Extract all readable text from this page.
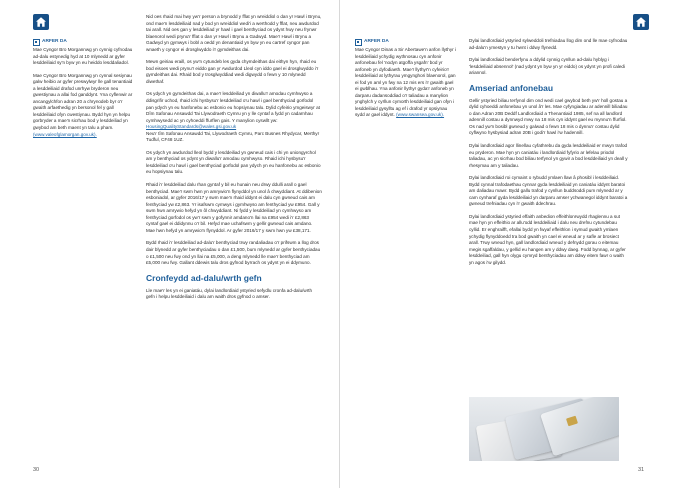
ARFER DA

Mae Cyngor Bro Morgannwg yn cynnig cyfnodau ad-dalu estynedig hyd at 10 mlynedd ar gyfer lesddeiliaid sy'n byw yn eu heiddo lesddaliadol.

Mae Cyngor Bro Morgannwg yn cynnal sesiynau galw heibio ar gyfer preswylwyr lle gall tenantiaid a lesddeiliaid drafod unrhyw bryderon neu gwestiynau a allai fod ganddynt. Yna cyflenwir ar ancangylchfon adran 20 a chrynodeb byr o'r gwaith arfaethedig yn bersonol fel y gall lesddeiliaid ofyn cwestiynau. Bydd hyn yn helpu gorbryder a mae'n sicrhau bod y lesddeiliad yn gwybod am beth maent yn talu a pham. (www.valeofglamorgan.gov.uk).

Nid oes rhaid mai hwy yw'r person a brynodd y fflat yn wreiddiol o dan yr Hawl i Brynu, ond mae'n lesddeiliaid nad y bod yn wreiddiol wedi'i a werthodd y fflat, neu awdurdod tai arall. Nid oes gan y lesddeiliad yr hawl i gael benthyciad os ydynt hwy neu frynwr blaenorol wedi prynu'r fflat o dan yr Hawl i Brynu a Gadwyd. Mae'r Hawl i Brynu a Gadwyd yn gymwys i bobl a oedd yn denantiaid yn byw yn eu cartref cyngor pan wnaeth y cyngor ei drosglwyddo i'r gymdeithas dai.

Mewn geiriau eraill, os yw'n cytundeb les gyda chymdeithas dai eithyn hyn, rhaid eu bod eisoes wedi prynu'r eiddo gan yr Awdurdod Lleol cyn iddo gael ei drosglwyddo i'r gymdeithas dai. Rhaid bod y trosglwyddiad wedi digwydd o fewn y 10 mlynedd diwethaf.

Os ydych yn gymdeithas dai, a mae'r lesddeiliad yn diwallu'r amodau cymhwyso a ddisgrifir uchod, rhaid ichi hysbysu'r lesddeiliad o'u hawl i gael benthyciad gorfodol pan ydych yn eu hanfonebu ac esbonio eu hopsiynau talu. Dylid cyfeirio ymgeiswyr at Dîm Safonau Ansawdd Tai Llywodraeth Cymru yn y lle cyntaf a fydd yn cadarnhau cymhwysedd ac yn cyhoeddi ffurflen gais. Y manylion cyswllt yw:

HousingQualityStandards@wales.gsi.gov.uk

Neu'r tîm Safonau Ansawdd Tai, Llywodraeth Cymru, Parc Busnes Rhydycar, Merthyr Tudful, CF48 1UZ.

Os ydych yn awdurdod lleol bydd y lesddeiliad yn gwneud cais i chi yn uniongyrchol am y benthyciad os ydynt yn diwallu'r amodau cymhwyso. Rhaid ichi hysbysu'r lesddeiliad o'u hawl i gael benthyciad gorfodol pan ydych yn eu hanfonebu ac esbonio eu hopsiynau talu.

Rhaid i'r lesddeiliad dalu rhan gyntaf y bil eu hunain neu drwy ddulli arall o gael benthyciad. Mae'r swm hwn yn amrywio'n flynyddol yn unol â chwyddiant. At ddibenion esboniadol, ar gyfer 2016/17 y swm mae'n rhaid iddynt ei dalu cyn gwneud cais am fenthyciad yw £2,863. Yr isafswm cymwys i gymhwyso am fenthyciad yw £954. Gall y swm hwn amrywio hefyd yn ôl chwyddiant. Ni fydd y lesddeiliad yn cymhwyso am fenthyciad gorfodol os yw'r swm y gofynnir amdano'n llai na £954 wedi i'r £2,863 cyntaf gael ei ddidynnu o'r bil. Hefyd mae uchafswm y gellir gwneud cais amdano. Mae hwn hefyd yn amrywio'n flynyddol. Ar gyfer 2016/17 y swm hwn yw £38,171.

Bydd rhaid i'r lesddeiliad ad-dalu'r benthyciad trwy randaliadau o'r prifswm a llog dros dair blynedd ar gyfer benthyciadau o dan £1,500, bum mlynedd ar gyfer benthyciadau o £1,500 neu fwy ond yn llai na £5,000, a deng mlynedd lle mae'r benthyciad am £5,000 neu fwy. Gallant ddewis talu dros gyfnod byrrach os ydynt yn ei ddymuno.

Cronfeydd ad-dalu/wrth gefn

Lle mae'r les yn ei ganiatáu, dylai landlordiaid ystyried sefydlu cronfa ad-dalu/wrth gefn i helpu lesddeiliaid i dalu am waith dros gyfnod o amser.

30
ARFER DA

Mae Cyngor Dinas a Sir Abertawe'n anfon llythyr i lesddeiliaid ychydig wythnosau cyn anfonir anfonebau fel 'nodyn atgoffa ysgafn' bod yr anfoneb yn dyfodiaeth. Mae'r llythyr'n cyfeirio'r lesddeiliaid at lythyrau ymgynghori blaenorol, gan ei fod yn aml yn fwy na 12 mis ers i'r gwaith gael ei gwblhau. Yna anfonir llythyr gyda'r anfoneb yn darparu dadansoddiad o'r taliadau a manylion ynghylch y cyrllun cymorth lesddeiliaid gan ofyn i lesddeiliaid gysylltu ag ef i drafod yr opsiynau sydd ar gael iddynt. (www.swansea.gov.uk).

Dylai landlordiaid ystyried sylweddoli trefniadau llog dim ond lle mae cyfnodau ad-dalu'n ymestyn y tu hwnt i ddwy flynedd.

Dylai landlordiaid benderfynu a ddylid cynnig cynllun ad-dalu hyblyg i 'lesddeiliaid absennol' (nad ydynt yn byw yn yr eiddo) os ydynt yn profi caledi ariannol.

Amseriad anfonebau

Gellir ystyried biliau terfynol dim ond wedi cael gwybod beth yw'r holl gostau a dylid cyhoeddi anfonebau yn unol â'r les. Mae cyfyngiadau ar adennill biliadau o dan Adran 20B Deddf Landlordiaid a Thenantiaid 1985, sef na all landlord adennill costau a dynnwyd mwy na 18 mis cyn iddynt gael eu mynnu'n ffurfiol. Os nad yw'n bosibl gwneud y galwad o fewn 18 mis o dynnu'r costau dylid cyflwyno hysbysiad adran 20B i godi'r hawl i'w hadennill.

Dylai landlordiaid agor llinellau cyfathrebu da gyda lesddeiliaid er mwyn trafod eu pryderon. Mae hyn yn caniatáu i landlordiaid fyfyrio ar lefelau priodol taliadau, ac yn sicrhau bod biliau terfynol yn gywir a bod lesddeiliaid yn deall y rhesymau am y taliadau.

Dylai landlordiaid roi cymaint o rybudd ymlaen llaw â phosibl i lesddeiliaid. Bydd cynnal trafodaethau cynnar gyda lesddeiliaid yn caniatáu iddynt baratoi am daliadau mawr. Bydd gallu trafod y cynllun buddsoddi pum mlynedd ar y cam cynharaf gyda lesddeiliaid yn darparu amser ychwanegol iddynt baratoi a gwneud trefniadau cyn i'r gwaith ddechrau.

Dylai landlordiaid ystyried effaith anbedion effeithlonrwydd rhaglennu a sut mae hyn yn effeithio ar allu'odd lesddeiliaid i dalu neu drefnu cytundebau cyllid. Er enghraifft, efallai bydd yn fwyaf effeithlon i symud gwaith ymlaen ychydig flynyddoedd tra bod gwaith yn cael ei wneud ar y safle ar brosiect arall. Trwy wneud hyn, gall landlordiaid wneud y defnydd gorau o eitemau megis sgaffaldau, y gellid eu hangen am y ddwy daeg. Fodd bynnag, ar gyfer lesddeiliad, gall hyn olygu cymryd benthyciadau am ddwy eitem fawr o waith yn agos i'w gilydd.

31
